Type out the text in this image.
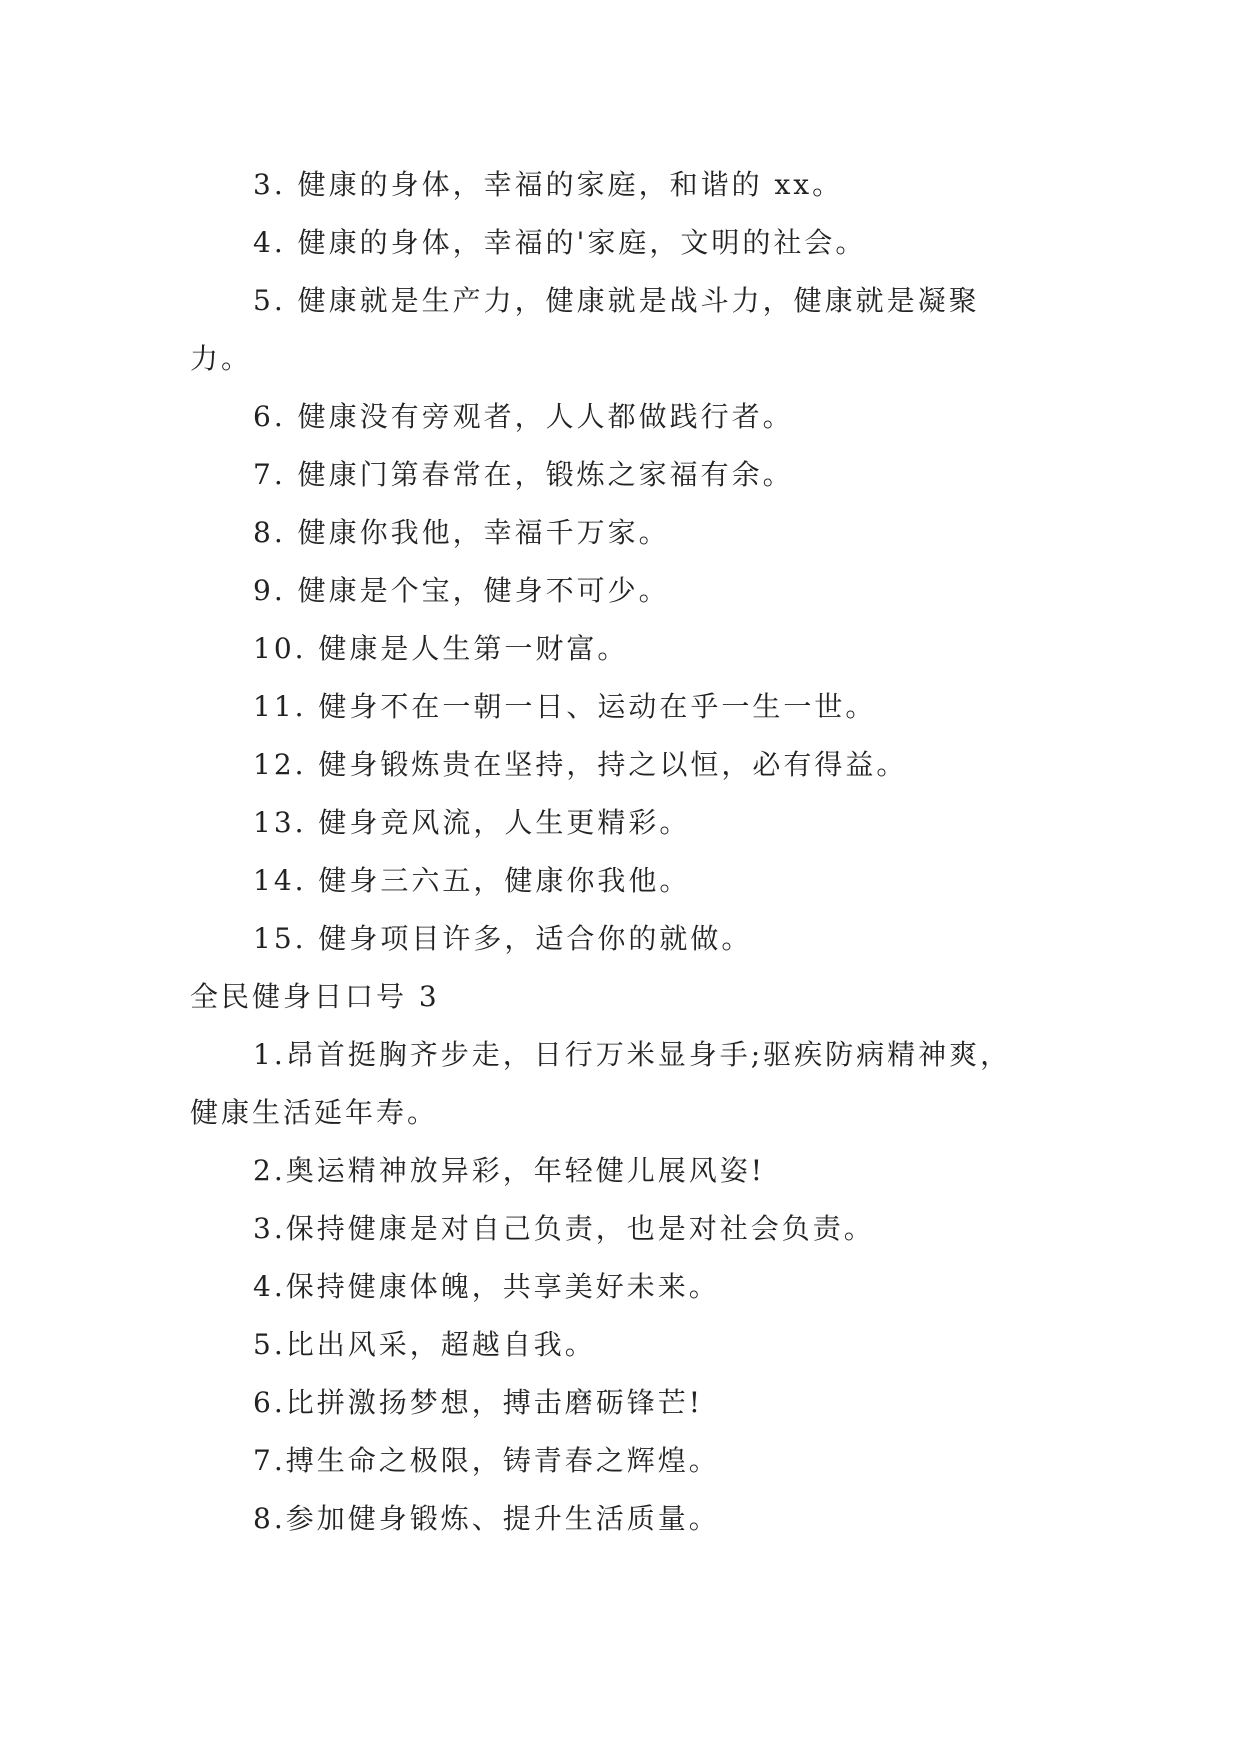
3. 健康的身体，幸福的家庭，和谐的 xx。
4. 健康的身体，幸福的'家庭，文明的社会。
5. 健康就是生产力，健康就是战斗力，健康就是凝聚
力。
6. 健康没有旁观者，人人都做践行者。
7. 健康门第春常在，锻炼之家福有余。
8. 健康你我他，幸福千万家。
9. 健康是个宝，健身不可少。
10. 健康是人生第一财富。
11. 健身不在一朝一日、运动在乎一生一世。
12. 健身锻炼贵在坚持，持之以恒，必有得益。
13. 健身竞风流，人生更精彩。
14. 健身三六五，健康你我他。
15. 健身项目许多，适合你的就做。
全民健身日口号 3
1.昂首挺胸齐步走，日行万米显身手;驱疾防病精神爽，
健康生活延年寿。
2.奥运精神放异彩，年轻健儿展风姿!
3.保持健康是对自己负责，也是对社会负责。
4.保持健康体魄，共享美好未来。
5.比出风采，超越自我。
6.比拼激扬梦想，搏击磨砺锋芒!
7.搏生命之极限，铸青春之辉煌。
8.参加健身锻炼、提升生活质量。
